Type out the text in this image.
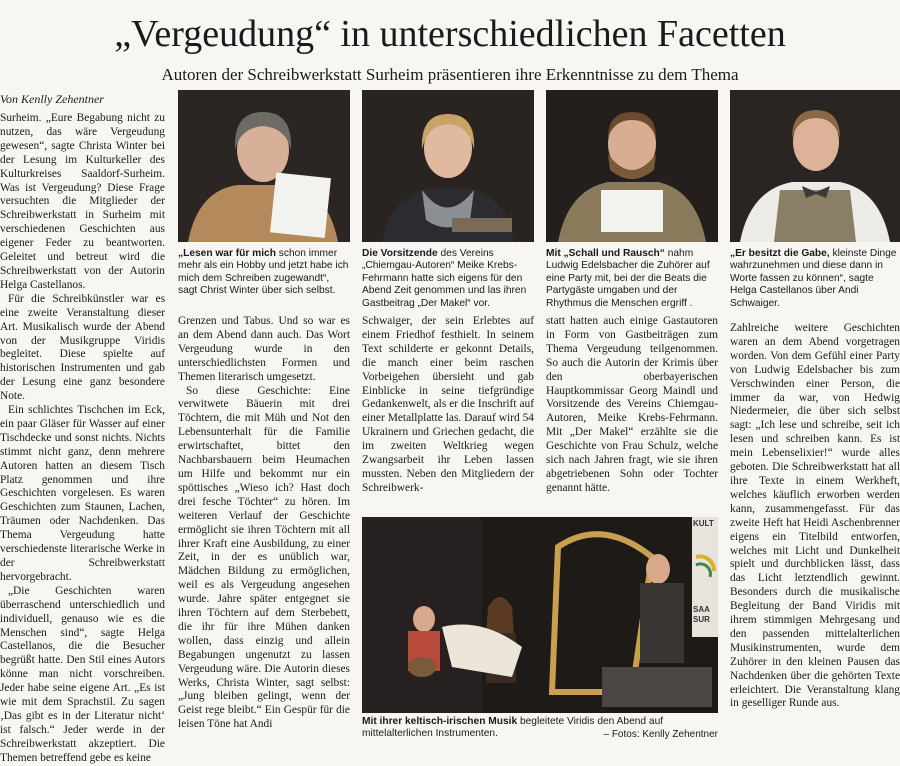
„Vergeudung“ in unterschiedlichen Facetten
Autoren der Schreibwerkstatt Surheim präsentieren ihre Erkenntnisse zu dem Thema
Von Kenlly Zehentner

Surheim. „Eure Begabung nicht zu nutzen, das wäre Vergeudung gewesen“, sagte Christa Winter bei der Lesung im Kulturkeller des Kulturkreises Saaldorf-Surheim. Was ist Vergeudung? Diese Frage versuchten die Mitglieder der Schreibwerkstatt in Surheim mit verschiedenen Geschichten aus eigener Feder zu beantworten. Geleitet und betreut wird die Schreibwerkstatt von der Autorin Helga Castellanos.

Für die Schreibkünstler war es eine zweite Veranstaltung dieser Art. Musikalisch wurde der Abend von der Musikgruppe Viridis begleitet. Diese spielte auf historischen Instrumenten und gab der Lesung eine ganz besondere Note.

Ein schlichtes Tischchen im Eck, ein paar Gläser für Wasser auf einer Tischdecke und sonst nichts. Nichts stimmt nicht ganz, denn mehrere Autoren hatten an diesem Tisch Platz genommen und ihre Geschichten vorgelesen. Es waren Geschichten zum Staunen, Lachen, Träumen oder Nachdenken. Das Thema Vergeudung hatte verschiedenste literarische Werke in der Schreibwerkstatt hervorgebracht.

„Die Geschichten waren überraschend unterschiedlich und individuell, genauso wie es die Menschen sind“, sagte Helga Castellanos, die die Besucher begrüßt hatte. Den Stil eines Autors könne man nicht vorschreiben. Jeder habe seine eigene Art. „Es ist wie mit dem Sprachstil. Zu sagen ‚Das gibt es in der Literatur nicht‘ ist falsch.“ Jeder werde in der Schreibwerkstatt akzeptiert. Die Themen betreffend gebe es keine

„Lesen war für mich schon immer mehr als ein Hobby und jetzt habe ich mich dem Schreiben zugewandt“, sagt Christ Winter über sich selbst.
Die Vorsitzende des Vereins „Chiemgau-Autoren“ Meike Krebs-Fehrmann hatte sich eigens für den Abend Zeit genommen und las ihren Gastbeitrag „Der Makel“ vor.
Mit „Schall und Rausch“ nahm Ludwig Edelsbacher die Zuhörer auf eine Party mit, bei der die Beats die Partygäste umgaben und der Rhythmus die Menschen ergriff .
„Er besitzt die Gabe, kleinste Dinge wahrzunehmen und diese dann in Worte fassen zu können“, sagte Helga Castellanos über Andi Schwaiger.

Grenzen und Tabus. Und so war es an dem Abend dann auch. Das Wort Vergeudung wurde in den unterschiedlichsten Formen und Themen literarisch umgesetzt.

So diese Geschichte: Eine verwitwete Bäuerin mit drei Töchtern, die mit Müh und Not den Lebensunterhalt für die Familie erwirtschaftet, bittet den Nachbarsbauern beim Heumachen um Hilfe und bekommt nur ein spöttisches „Wieso ich? Hast doch drei fesche Töchter“ zu hören. Im weiteren Verlauf der Geschichte ermöglicht sie ihren Töchtern mit all ihrer Kraft eine Ausbildung, zu einer Zeit, in der es unüblich war, Mädchen Bildung zu ermöglichen, weil es als Vergeudung angesehen wurde. Jahre später entgegnet sie ihren Töchtern auf dem Sterbebett, die ihr für ihre Mühen danken wollen, dass einzig und allein Begabungen ungenutzt zu lassen Vergeudung wäre. Die Autorin dieses Werks, Christa Winter, sagt selbst: „Jung bleiben gelingt, wenn der Geist rege bleibt.“ Ein Gespür für die leisen Töne hat Andi

Schwaiger, der sein Erlebtes auf einem Friedhof festhielt. In seinem Text schilderte er gekonnt Details, die manch einer beim raschen Vorbeigehen übersieht und gab Einblicke in seine tiefgründige Gedankenwelt, als er die Inschrift auf einer Metallplatte las. Darauf wird 54 Ukrainern und Griechen gedacht, die im zweiten Weltkrieg wegen Zwangsarbeit ihr Leben lassen mussten. Neben den Mitgliedern der Schreibwerk-

statt hatten auch einige Gastautoren in Form von Gastbeiträgen zum Thema Vergeudung teilgenommen. So auch die Autorin der Krimis über den oberbayerischen Hauptkommissar Georg Maindl und Vorsitzende des Vereins Chiemgau-Autoren, Meike Krebs-Fehrmann. Mit „Der Makel“ erzählte sie die Geschichte von Frau Schulz, welche sich nach Jahren fragt, wie sie ihren abgetriebenen Sohn oder Tochter genannt hätte.

KULT
SAA
SUR
Mit ihrer keltisch-irischen Musik begleitete Viridis den Abend auf mittelalterlichen Instrumenten.	– Fotos: Kenlly Zehentner

Zahlreiche weitere Geschichten waren an dem Abend vorgetragen worden. Von dem Gefühl einer Party von Ludwig Edelsbacher bis zum Verschwinden einer Person, die immer da war, von Hedwig Niedermeier, die über sich selbst sagt: „Ich lese und schreibe, seit ich lesen und schreiben kann. Es ist mein Lebenselixier!“ wurde alles geboten. Die Schreibwerkstatt hat all ihre Texte in einem Werkheft, welches käuflich erworben werden kann, zusammengefasst. Für das zweite Heft hat Heidi Aschenbrenner eigens ein Titelbild entworfen, welches mit Licht und Dunkelheit spielt und durchblicken lässt, dass das Licht letztendlich gewinnt. Besonders durch die musikalische Begleitung der Band Viridis mit ihrem stimmigen Mehrgesang und den passenden mittelalterlichen Musikinstrumenten, wurde dem Zuhörer in den kleinen Pausen das Nachdenken über die gehörten Texte erleichtert. Die Veranstaltung klang in geselliger Runde aus.
